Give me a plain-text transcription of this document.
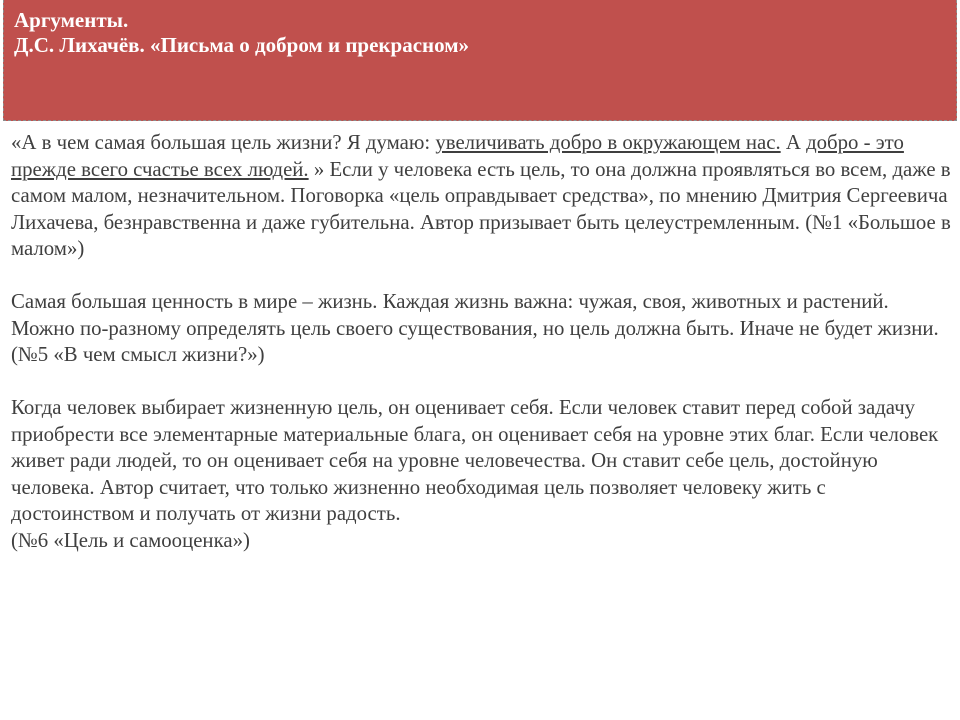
Аргументы.
Д.С. Лихачёв. «Письма о добром и прекрасном»

«А в чем самая большая цель жизни? Я думаю: увеличивать добро в окружающем нас. А добро - это прежде всего счастье всех людей. » Если у человека есть цель, то она должна проявляться во всем, даже в самом малом, незначительном. Поговорка «цель оправдывает средства», по мнению Дмитрия Сергеевича Лихачева, безнравственна и даже губительна. Автор призывает быть целеустремленным. (№1 «Большое в малом»)

Самая большая ценность в мире – жизнь. Каждая жизнь важна: чужая, своя, животных и растений. Можно по-разному определять цель своего существования, но цель должна быть. Иначе не будет жизни.

(№5 «В чем смысл жизни?»)

Когда человек выбирает жизненную цель, он оценивает себя. Если человек ставит перед собой задачу приобрести все элементарные материальные блага, он оценивает себя на уровне этих благ. Если человек живет ради людей, то он оценивает себя на уровне человечества. Он ставит себе цель, достойную человека. Автор считает, что только жизненно необходимая цель позволяет человеку жить с достоинством и получать от жизни радость.

(№6 «Цель и самооценка»)
